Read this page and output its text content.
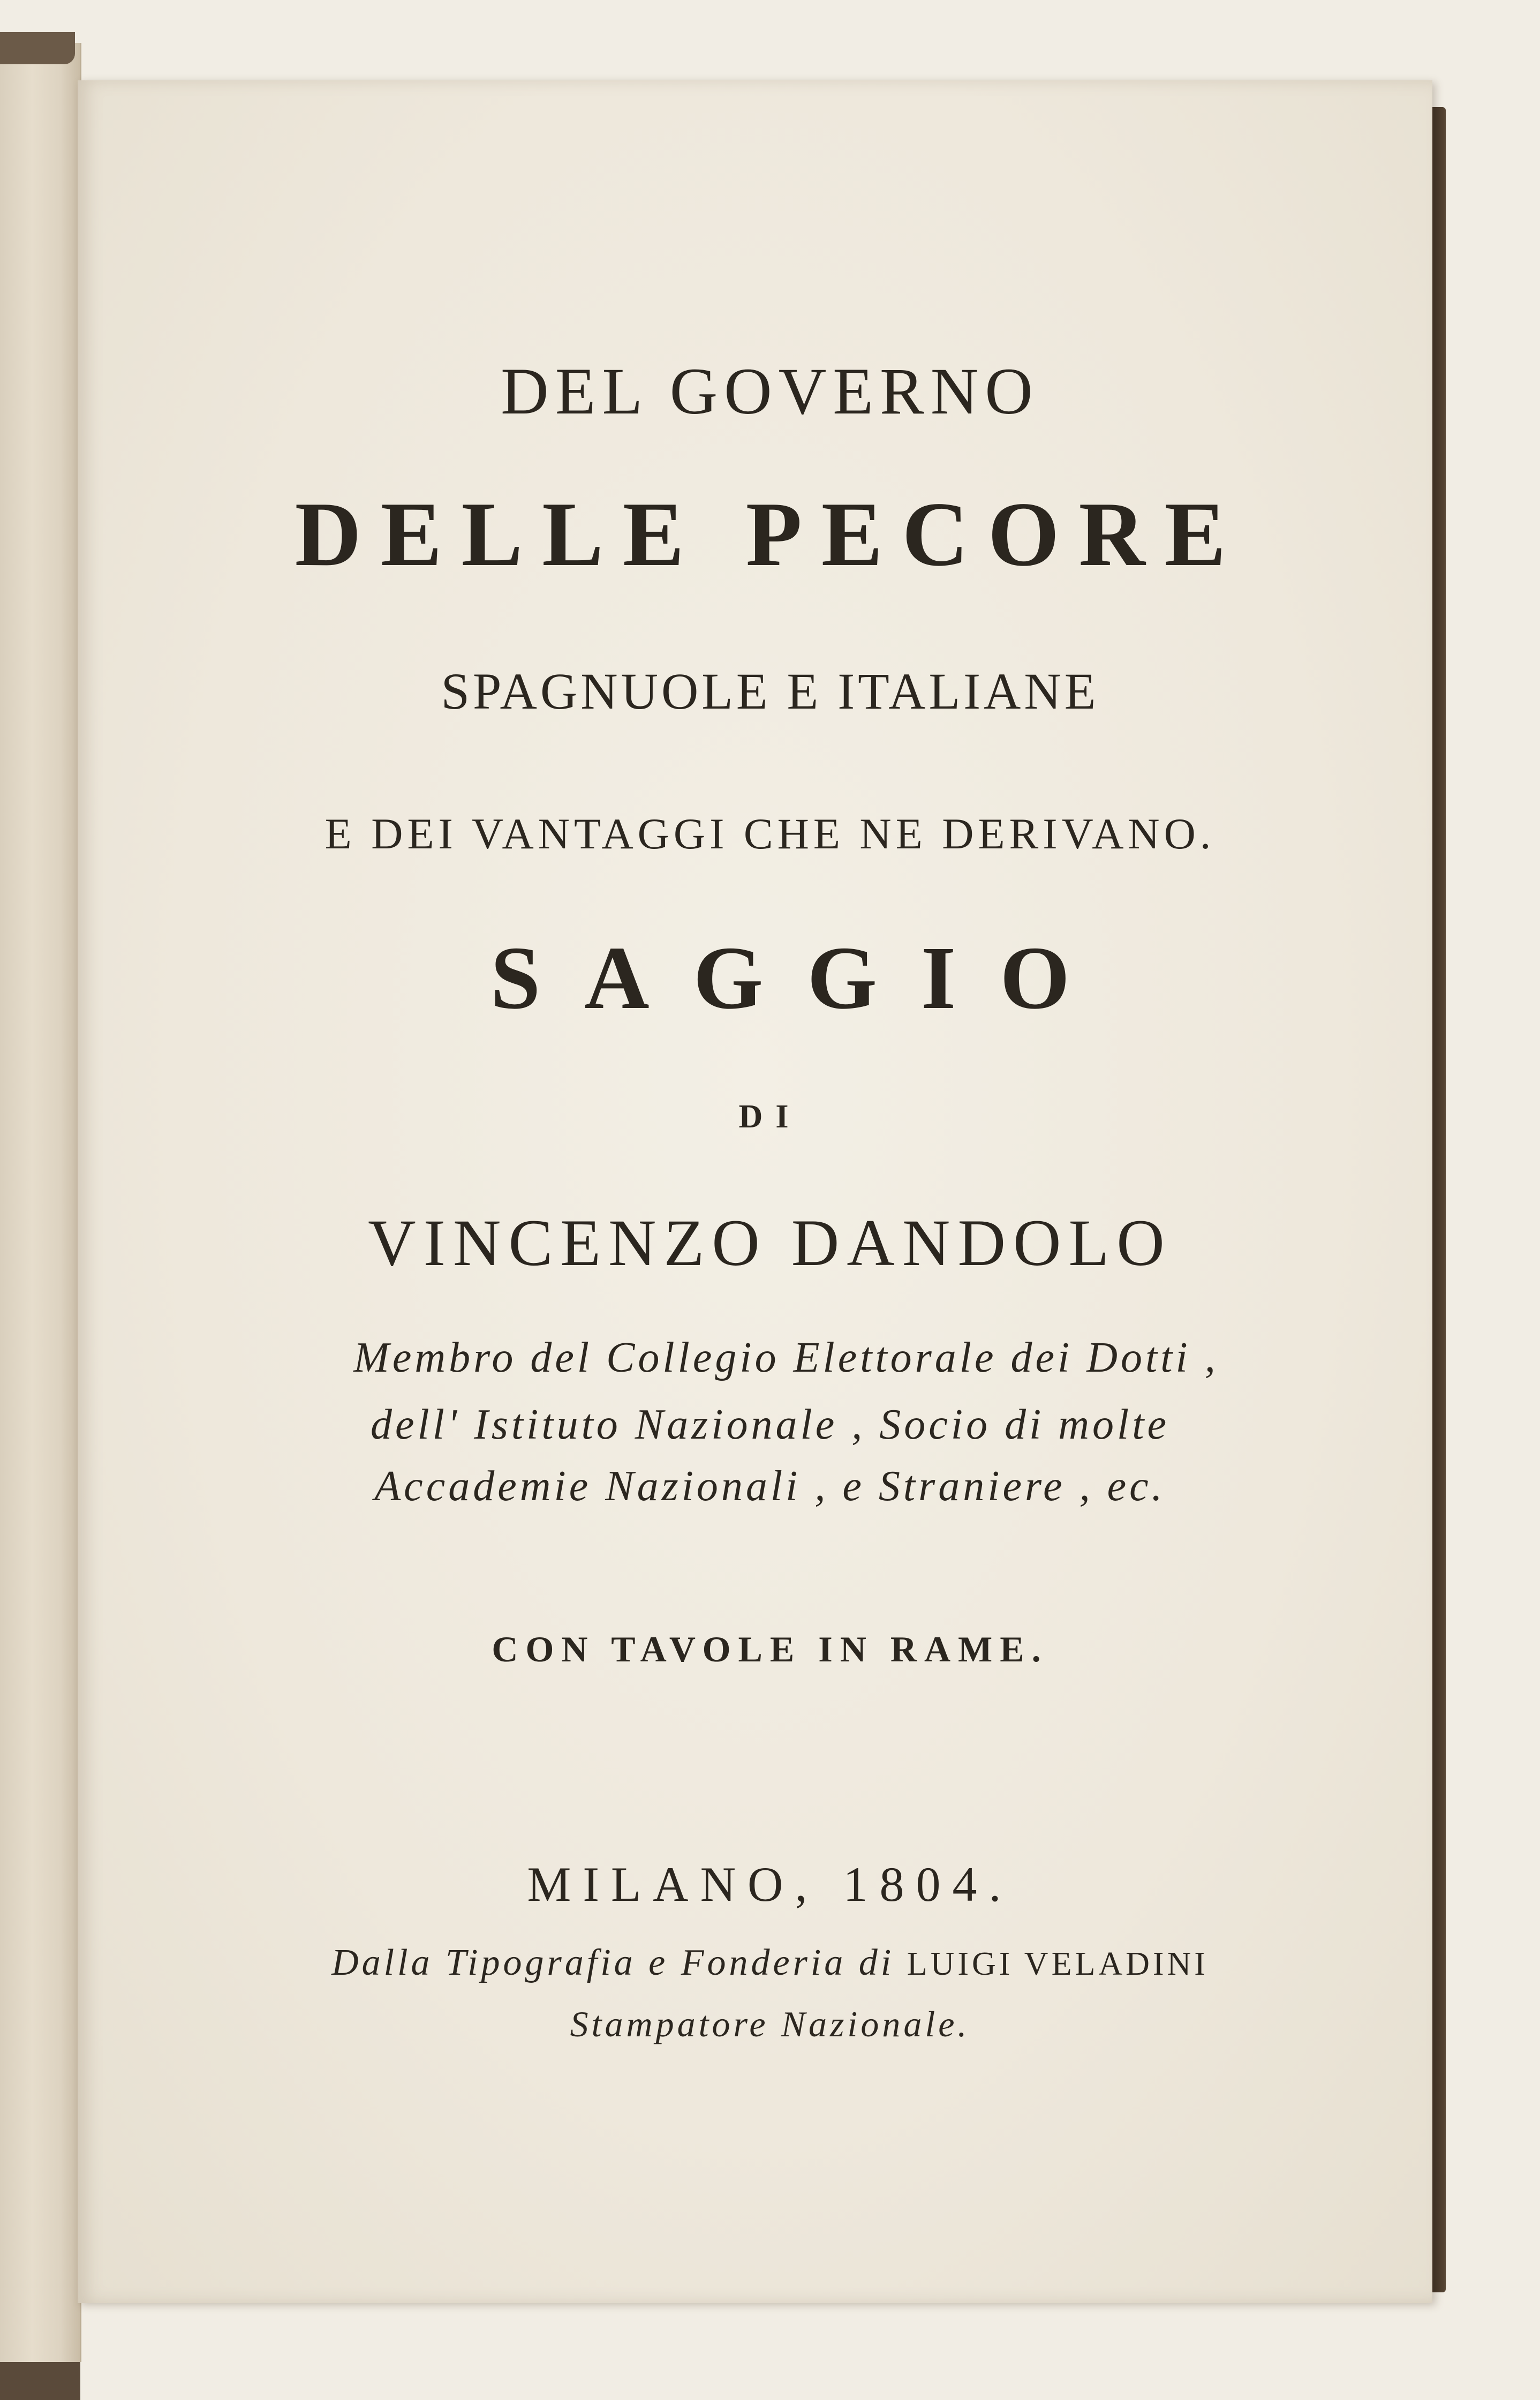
DEL GOVERNO
DELLE PECORE
SPAGNUOLE E ITALIANE
E DEI VANTAGGI CHE NE DERIVANO.
SAGGIO
DI
VINCENZO DANDOLO
Membro del Collegio Elettorale dei Dotti ,
dell' Istituto Nazionale , Socio di molte
Accademie Nazionali , e Straniere , ec.
CON TAVOLE IN RAME.
MILANO, 1804.
Dalla Tipografia e Fonderia di LUIGI VELADINI
Stampatore Nazionale.
